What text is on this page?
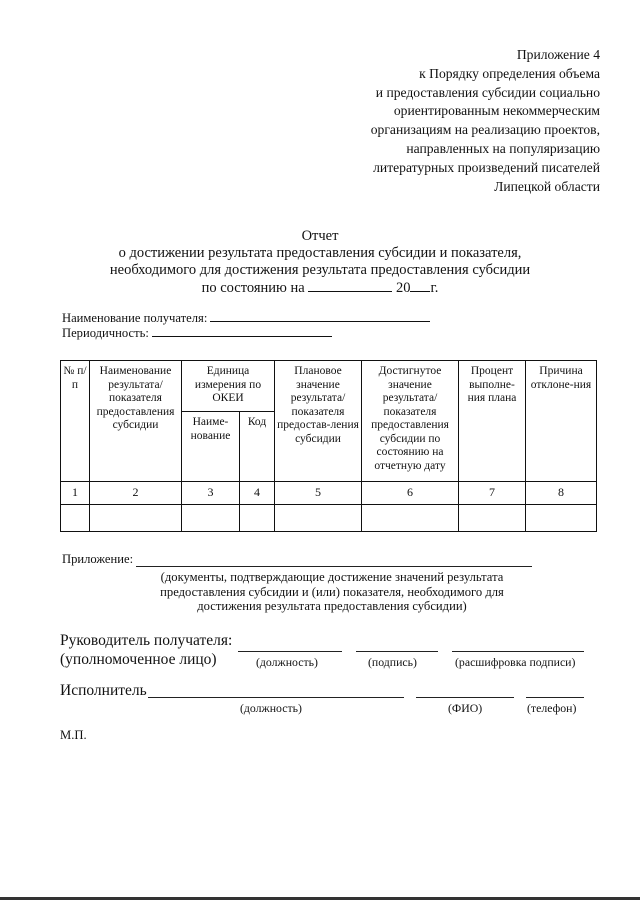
Приложение 4
к Порядку определения объема
и предоставления субсидии социально
ориентированным некоммерческим
организациям на реализацию проектов,
направленных на популяризацию
литературных произведений писателей
Липецкой области
Отчет
о достижении результата предоставления субсидии и показателя,
необходимого для достижения результата предоставления субсидии
по состоянию на	20 г.
Наименование получателя:
Периодичность:
№ п/п	Наименование результата/ показателя предоставления субсидии	Единица измерения по ОКЕИ		Плановое значение результата/ показателя предостав-ления субсидии	Достигнутое значение результата/ показателя предоставления субсидии по состоянию на отчетную дату	Процент выполне-ния плана	Причина отклоне-ния
		Наиме-нование	Код				
1	2	3	4	5	6	7	8

Приложение:
(документы, подтверждающие достижение значений результата
предоставления субсидии и (или) показателя, необходимого для
достижения результата предоставления субсидии)
Руководитель получателя:
(уполномоченное лицо)	(должность)	(подпись)	(расшифровка подписи)
Исполнитель
(должность)	(ФИО)	(телефон)
М.П.
